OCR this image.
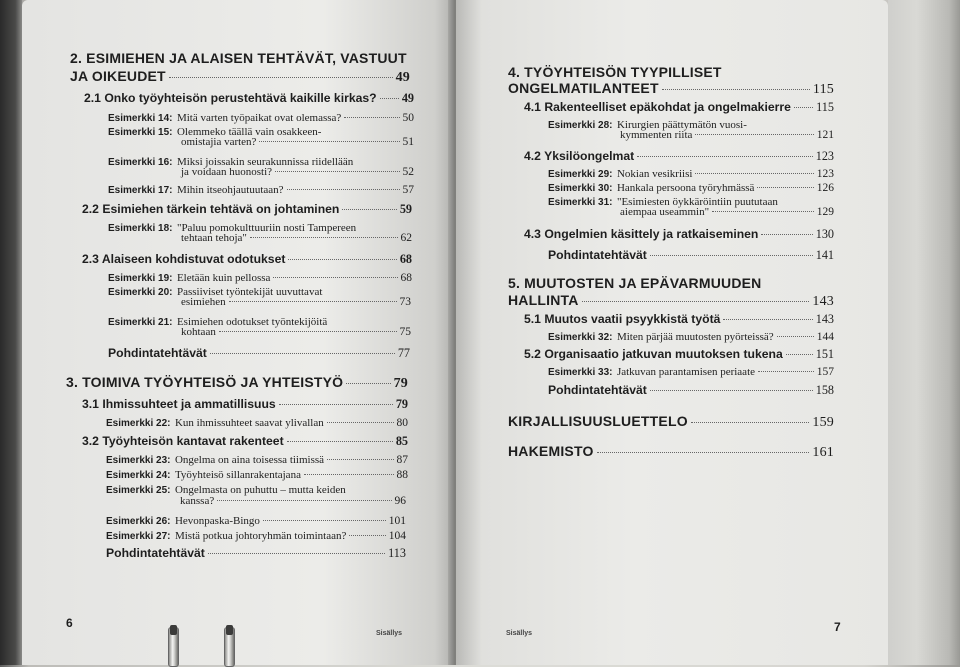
2. ESIMIEHEN JA ALAISEN TEHTÄVÄT, VASTUUT
JA OIKEUDET	49
2.1 Onko työyhteisön perustehtävä kaikille kirkas? 49
Esimerkki 14:
Mitä varten työpaikat ovat olemassa?	50
Esimerkki 15: Olemmeko täällä vain osakkeen-
omistajia varten?	51
Esimerkki 16: Miksi joissakin seurakunnissa riidellään
ja voidaan huonosti?	52
Esimerkki 17:
Mihin itseohjautuutaan?	57
2.2 Esimiehen tärkein tehtävä on johtaminen	59
Esimerkki 18: "Paluu pomokulttuuriin nosti Tampereen
tehtaan tehoja"	62
2.3 Alaiseen kohdistuvat odotukset	68
Esimerkki 19:
Eletään kuin pellossa	68
Esimerkki 20: Passiiviset työntekijät uuvuttavat
esimiehen	73
Esimerkki 21: Esimiehen odotukset työntekijöitä
kohtaan	75
Pohdintatehtävät	77
3. TOIMIVA TYÖYHTEISÖ JA YHTEISTYÖ	79
3.1 Ihmissuhteet ja ammatillisuus	79
Esimerkki 22:
Kun ihmissuhteet saavat ylivallan	80
3.2 Työyhteisön kantavat rakenteet	85
Esimerkki 23:
Ongelma on aina toisessa tiimissä	87
Esimerkki 24:
Työyhteisö sillanrakentajana	88
Esimerkki 25: Ongelmasta on puhuttu – mutta keiden
kanssa?	96
Esimerkki 26:
Hevonpaska-Bingo	101
Esimerkki 27:
Mistä potkua johtoryhmän toimintaan?	104
Pohdintatehtävät	113
6
Sisällys
4. TYÖYHTEISÖN TYYPILLISET
ONGELMATILANTEET	115
4.1 Rakenteelliset epäkohdat ja ongelmakierre 115
Esimerkki 28: Kirurgien päättymätön vuosi-
kymmenten riita	121
4.2 Yksilöongelmat	123
Esimerkki 29:
Nokian vesikriisi	123
Esimerkki 30:
Hankala persoona työryhmässä	126
Esimerkki 31: "Esimiesten öykkäröintiin puututaan
aiempaa useammin"	129
4.3 Ongelmien käsittely ja ratkaiseminen	130
Pohdintatehtävät	141
5. MUUTOSTEN JA EPÄVARMUUDEN
HALLINTA	143
5.1 Muutos vaatii psyykkistä työtä	143
Esimerkki 32:
Miten pärjää muutosten pyörteissä?	144
5.2 Organisaatio jatkuvan muutoksen tukena	151
Esimerkki 33:
Jatkuvan parantamisen periaate	157
Pohdintatehtävät	158
KIRJALLISUUSLUETTELO	159
HAKEMISTO	161
Sisällys	7
